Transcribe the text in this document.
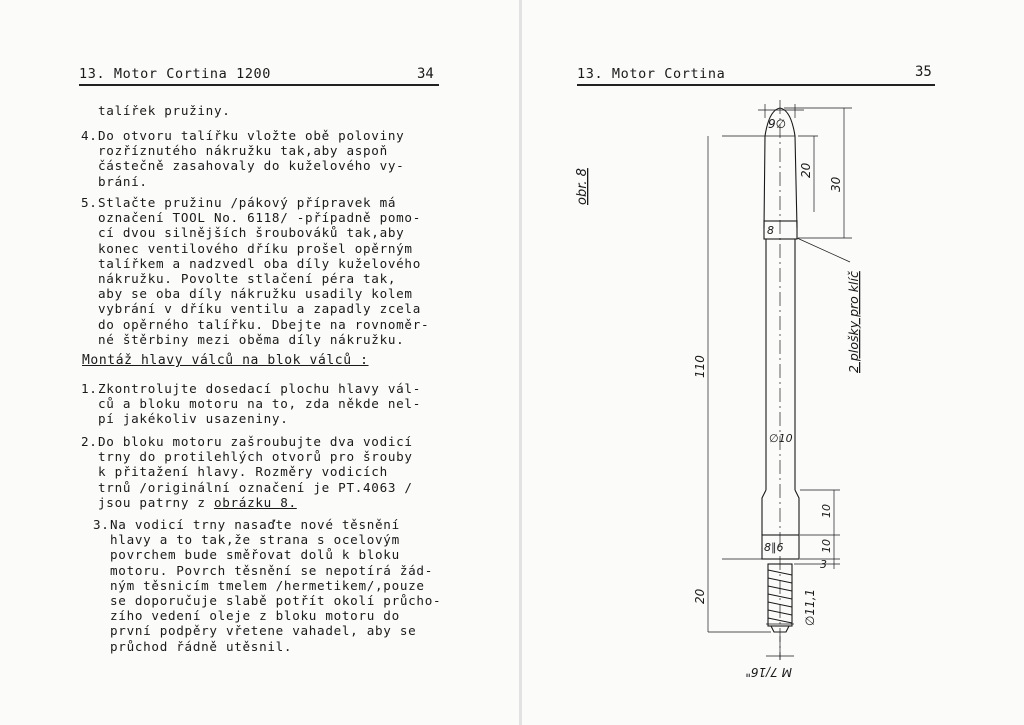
13. Motor Cortina 1200	34
talířek pružiny.
4. Do otvoru talířku vložte obě poloviny
rozříznutého nákružku tak,aby aspoň
částečně zasahovaly do kuželového vy-
brání.
5. Stlačte pružinu /pákový přípravek má
označení TOOL No. 6118/ -případně pomo-
cí dvou silnějších šroubováků tak,aby
konec ventilového dříku prošel opěrným
talířkem a nadzvedl oba díly kuželového
nákružku. Povolte stlačení péra tak,
aby se oba díly nákružku usadily kolem
vybrání v dříku ventilu a zapadly zcela
do opěrného talířku. Dbejte na rovnoměr-
né štěrbiny mezi oběma díly nákružku.
Montáž hlavy válců na blok válců :
1. Zkontrolujte dosedací plochu hlavy vál-
ců a bloku motoru na to, zda někde nel-
pí jakékoliv usazeniny.
2. Do bloku motoru zašroubujte dva vodicí
trny do protilehlých otvorů pro šrouby
k přitažení hlavy. Rozměry vodicích
trnů /originální označení je PT.4063 /
jsou patrny z obrázku 8.
3. Na vodicí trny nasaďte nové těsnění
hlavy a to tak,že strana s ocelovým
povrchem bude směřovat dolů k bloku
motoru. Povrch těsnění se nepotírá žád-
ným těsnicím tmelem /hermetikem/,pouze
se doporučuje slabě potřít okolí průcho-
zího vedení oleje z bloku motoru do
první podpěry vřetene vahadel, aby se
průchod řádně utěsnil.
13. Motor Cortina	35
obr. 8
9∅
20
30
8
2 plošky pro klíč
110
∅10
10
10
3
8∥6
20	∅11,1
M 7/16"
